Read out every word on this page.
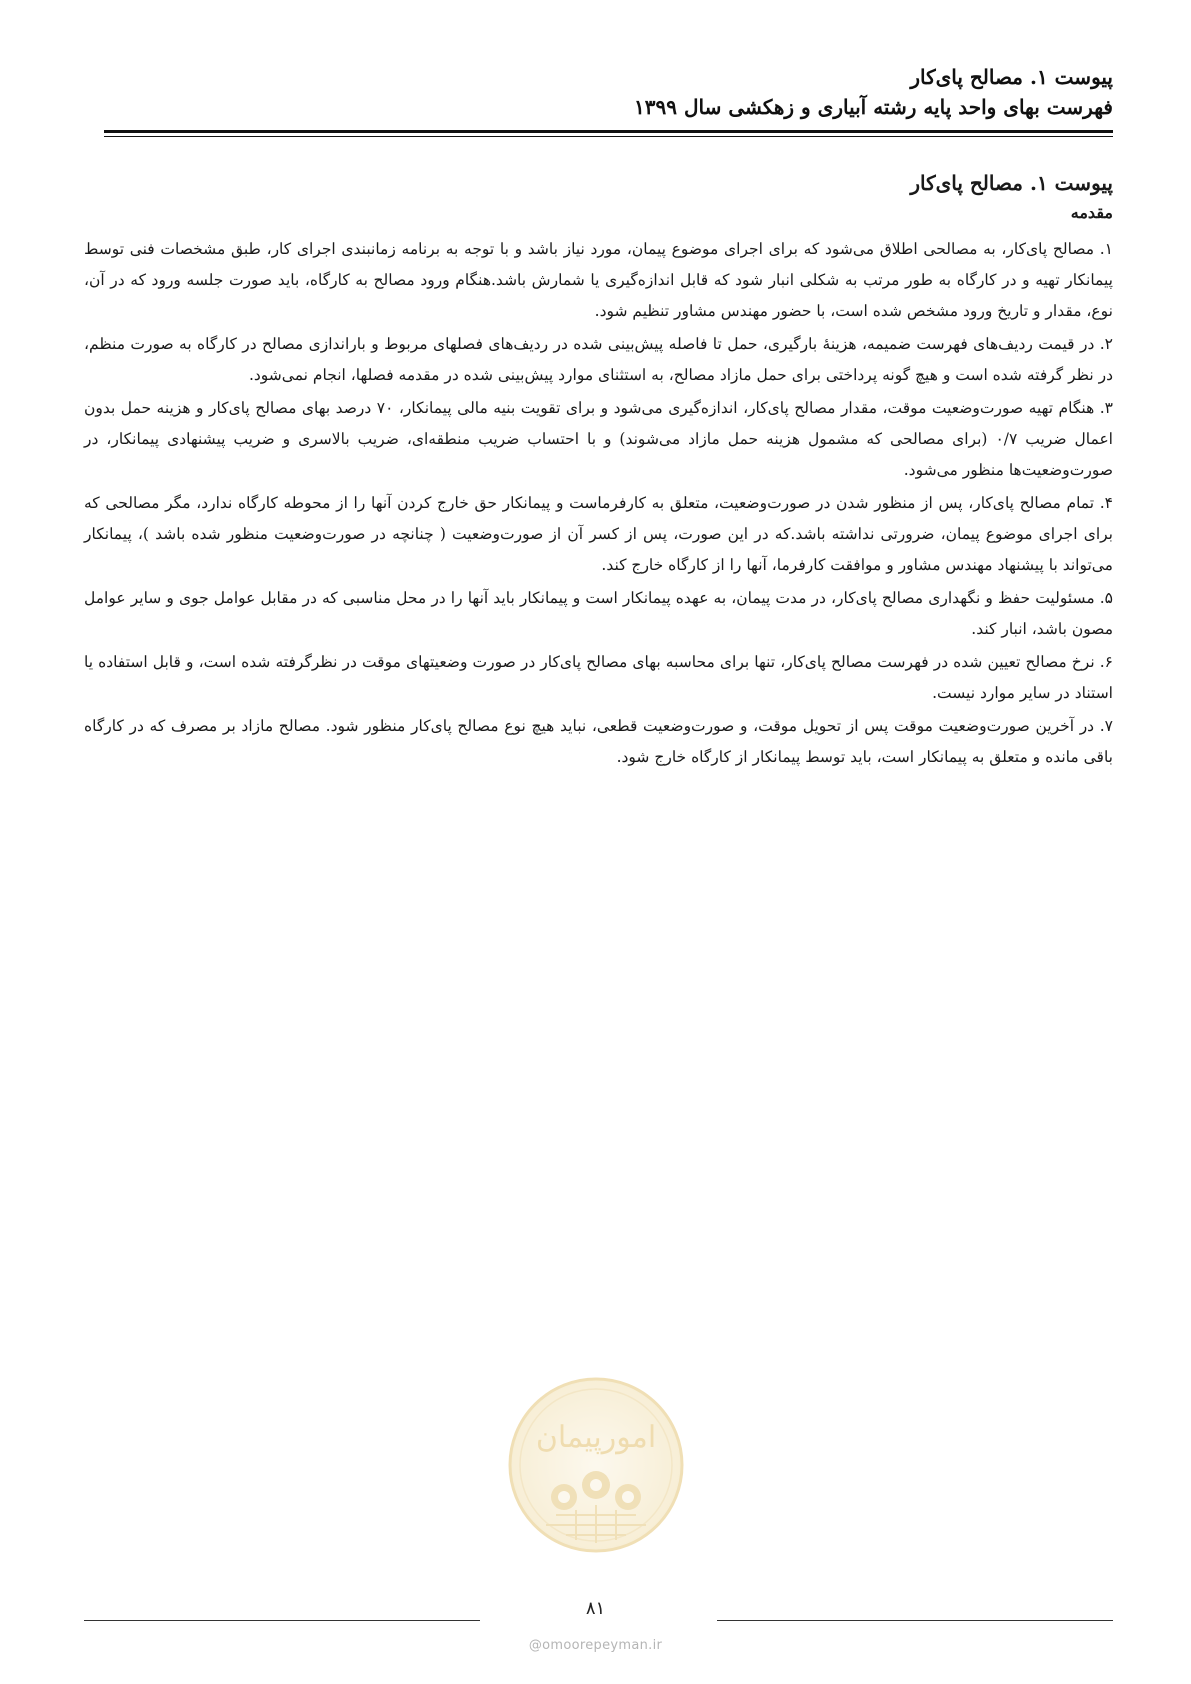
پیوست ۱. مصالح پای‌کار
فهرست بهای واحد پایه رشته آبیاری و زهکشی سال ۱۳۹۹
پیوست ۱. مصالح پای‌کار
مقدمه

۱. مصالح پای‌کار، به مصالحی اطلاق می‌شود که برای اجرای موضوع پیمان، مورد نیاز باشد و با توجه به برنامه زمانبندی اجرای کار، طبق مشخصات فنی توسط پیمانکار تهیه و در کارگاه به طور مرتب به شکلی انبار شود که قابل اندازه‌گیری یا شمارش باشد.هنگام ورود مصالح به کارگاه، باید صورت جلسه ورود که در آن، نوع، مقدار و تاریخ ورود مشخص شده است، با حضور مهندس مشاور تنظیم شود.

۲. در قیمت ردیف‌های فهرست ضمیمه، هزینۀ بارگیری، حمل تا فاصله پیش‌بینی شده در ردیف‌های فصلهای مربوط و باراندازی مصالح در کارگاه به صورت منظم، در نظر گرفته شده است و هیچ گونه پرداختی برای حمل مازاد مصالح، به استثنای موارد پیش‌بینی شده در مقدمه فصلها، انجام نمی‌شود.

۳. هنگام تهیه صورت‌وضعیت موقت، مقدار مصالح پای‌کار، اندازه‌گیری می‌شود و برای تقویت بنیه مالی پیمانکار، ۷۰ درصد بهای مصالح پای‌کار و هزینه حمل بدون اعمال ضریب ۰/۷ (برای مصالحی که مشمول هزینه حمل مازاد می‌شوند) و با احتساب ضریب منطقه‌ای، ضریب بالاسری و ضریب پیشنهادی پیمانکار، در صورت‌وضعیت‌ها منظور می‌شود.

۴. تمام مصالح پای‌کار، پس از منظور شدن در صورت‌وضعیت، متعلق به کارفرماست و پیمانکار حق خارج کردن آنها را از محوطه کارگاه ندارد، مگر مصالحی که برای اجرای موضوع پیمان، ضرورتی نداشته باشد.که در این صورت، پس از کسر آن از صورت‌وضعیت ( چنانچه در صورت‌وضعیت منظور شده باشد )، پیمانکار می‌تواند با پیشنهاد مهندس مشاور و موافقت کارفرما، آنها را از کارگاه خارج کند.

۵. مسئولیت حفظ و نگهداری مصالح پای‌کار، در مدت پیمان، به عهده پیمانکار است و پیمانکار باید آنها را در محل مناسبی که در مقابل عوامل جوی و سایر عوامل مصون باشد، انبار کند.

۶. نرخ مصالح تعیین شده در فهرست مصالح پای‌کار، تنها برای محاسبه بهای مصالح پای‌کار در صورت وضعیتهای موقت در نظرگرفته شده است، و قابل استفاده یا استناد در سایر موارد نیست.

۷. در آخرین صورت‌وضعیت موقت پس از تحویل موقت، و صورت‌وضعیت قطعی، نباید هیچ نوع مصالح پای‌کار منظور شود. مصالح مازاد بر مصرف که در کارگاه باقی مانده و متعلق به پیمانکار است، باید توسط پیمانکار از کارگاه خارج شود.

امورپیمان
۸۱
@omoorepeyman.ir
